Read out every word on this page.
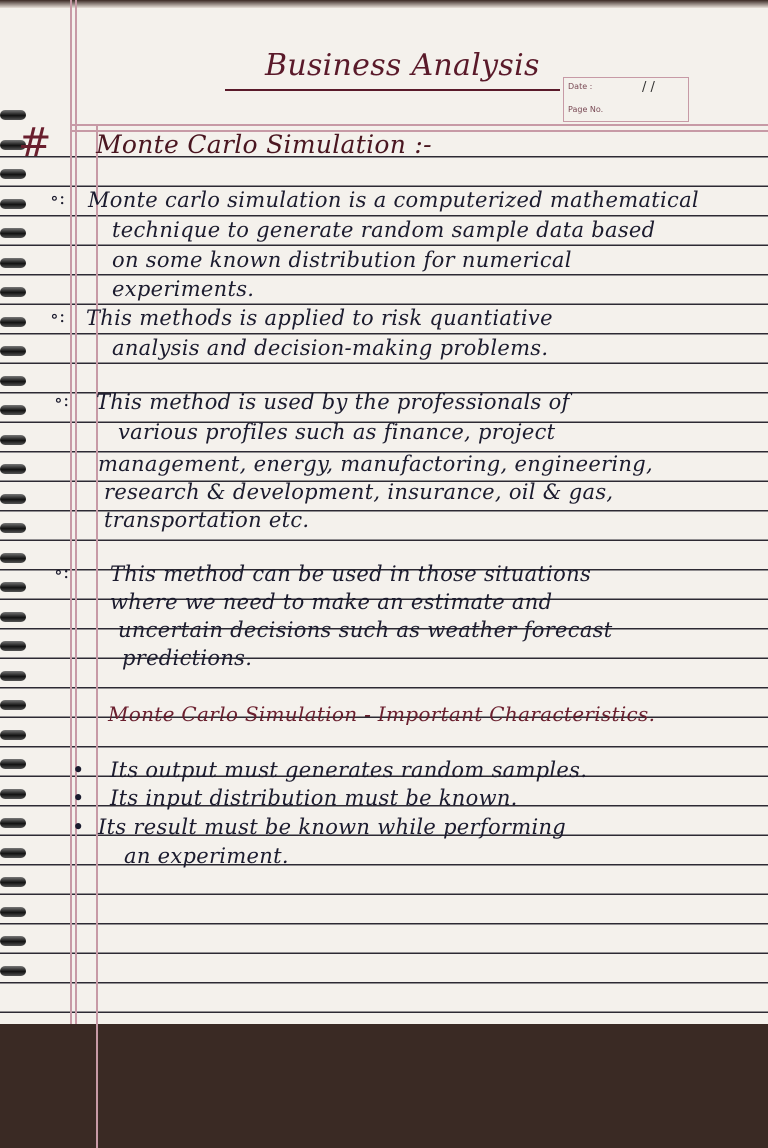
Business Analysis
Date :
Page No.
/ /
# Monte Carlo Simulation :-
∘: Monte carlo simulation is a computerized mathematical
technique to generate random sample data based
on some known distribution for numerical
experiments.
∘: This methods is applied to risk quantiative
analysis and decision-making problems.
∘: This method is used by the professionals of
various profiles such as finance, project
management, energy, manufactoring, engineering,
research & development, insurance, oil & gas,
transportation etc.
∘: This method can be used in those situations
where we need to make an estimate and
uncertain decisions such as weather forecast
predictions.
Monte Carlo Simulation - Important Characteristics.
• Its output must generates random samples.
• Its input distribution must be known.
• Its result must be known while performing
an experiment.
